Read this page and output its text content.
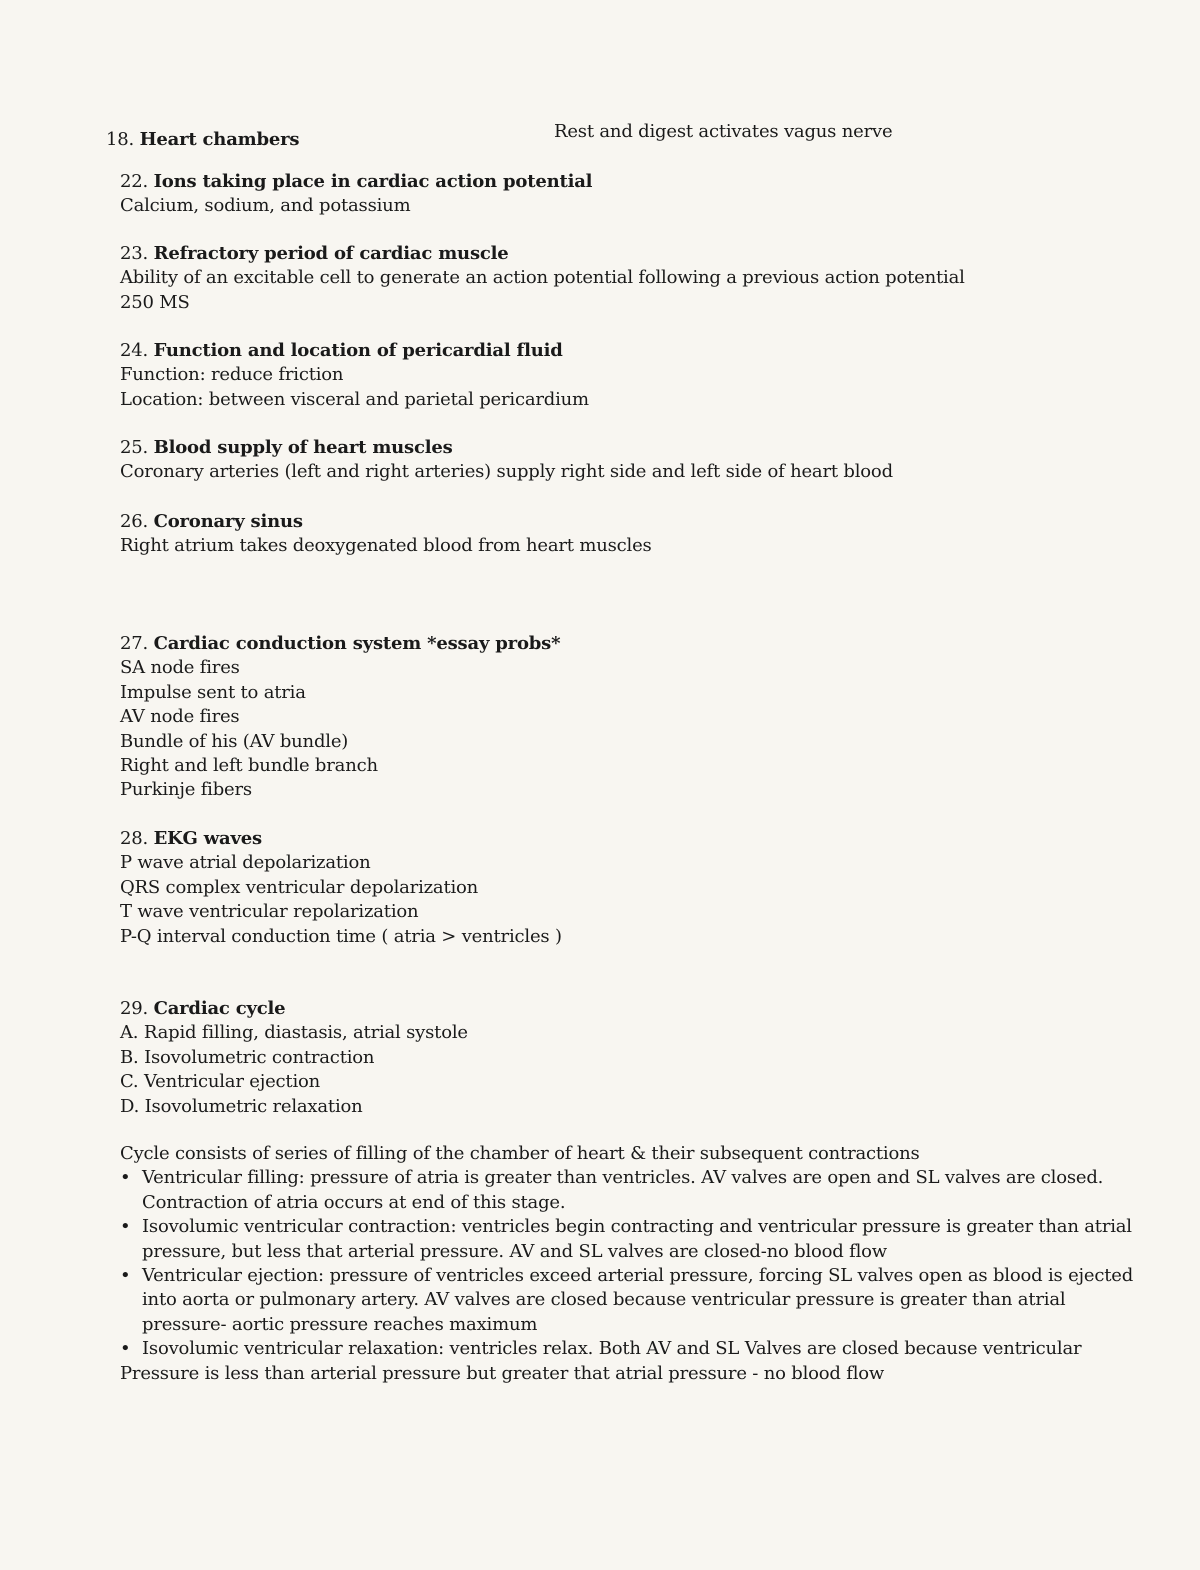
18. Heart chambers	Rest and digest activates vagus nerve
22. Ions taking place in cardiac action potential
Calcium, sodium, and potassium
23. Refractory period of cardiac muscle
Ability of an excitable cell to generate an action potential following a previous action potential
250 MS
24. Function and location of pericardial fluid
Function: reduce friction
Location: between visceral and parietal pericardium
25. Blood supply of heart muscles
Coronary arteries (left and right arteries) supply right side and left side of heart blood
26. Coronary sinus
Right atrium takes deoxygenated blood from heart muscles
27. Cardiac conduction system *essay probs*
SA node fires
Impulse sent to atria
AV node fires
Bundle of his (AV bundle)
Right and left bundle branch
Purkinje fibers
28. EKG waves
P wave atrial depolarization
QRS complex ventricular depolarization
T wave ventricular repolarization
P-Q interval conduction time ( atria > ventricles )
29. Cardiac cycle
A. Rapid filling, diastasis, atrial systole
B. Isovolumetric contraction
C. Ventricular ejection
D. Isovolumetric relaxation
Cycle consists of series of filling of the chamber of heart & their subsequent contractions
• Ventricular filling: pressure of atria is greater than ventricles. AV valves are open and SL valves are closed.
Contraction of atria occurs at end of this stage.
• Isovolumic ventricular contraction: ventricles begin contracting and ventricular pressure is greater than atrial
pressure, but less that arterial pressure. AV and SL valves are closed-no blood flow
• Ventricular ejection: pressure of ventricles exceed arterial pressure, forcing SL valves open as blood is ejected
into aorta or pulmonary artery. AV valves are closed because ventricular pressure is greater than atrial
pressure- aortic pressure reaches maximum
• Isovolumic ventricular relaxation: ventricles relax. Both AV and SL Valves are closed because ventricular
Pressure is less than arterial pressure but greater that atrial pressure - no blood flow
